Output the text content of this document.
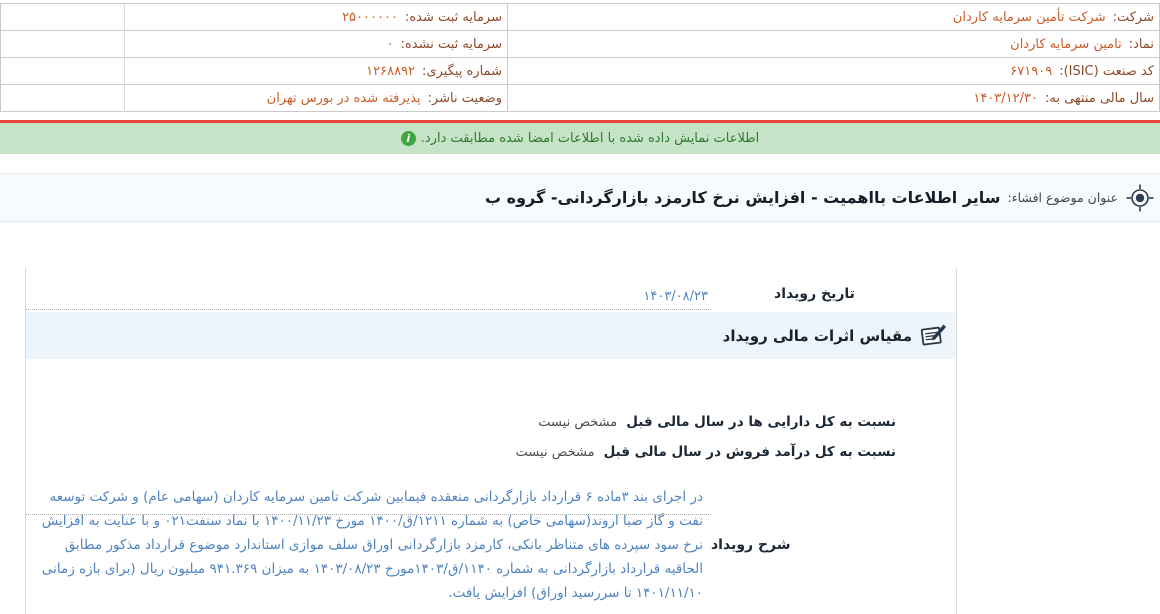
شرکت:
شرکت تأمین سرمایه کاردان
نماد:
تامین سرمایه کاردان
کد صنعت (ISIC):
۶۷۱۹۰۹
سال مالی منتهی به:
۱۴۰۳/۱۲/۳۰
سرمایه ثبت شده:
۲۵۰۰۰۰۰۰
سرمایه ثبت نشده:
۰
شماره پیگیری:
۱۲۶۸۸۹۲
وضعیت ناشر:
پذیرفته شده در بورس تهران
اطلاعات نمایش داده شده با اطلاعات امضا شده مطابقت دارد.
i
عنوان موضوع افشاء:
سایر اطلاعات بااهمیت - افزایش نرخ کارمزد بازارگردانی- گروه ب
تاریخ رویداد
۱۴۰۳/۰۸/۲۳
مقیاس اثرات مالی رویداد
نسبت به کل دارایی ها در سال مالی قبل
مشخص نیست
نسبت به کل درآمد فروش در سال مالی قبل
مشخص نیست
شرح رویداد
در اجرای بند ۳ماده ۶ قرارداد بازارگردانی منعقده فیمابین شرکت تامین سرمایه کاردان (سهامی عام) و شرکت توسعه نفت و گاز صبا اروند(سهامی خاص) به شماره ۱۲۱۱/ق/۱۴۰۰ مورخ ۱۴۰۰/۱۱/۲۳ با نماد سنفت۰۲۱ و با عنایت به افزایش نرخ سود سپرده های متناظر بانکی، کارمزد بازارگردانی اوراق سلف موازی استاندارد موضوع قرارداد مذکور مطابق الحاقیه قرارداد بازارگردانی به شماره ۱۱۴۰/ق/۱۴۰۳مورخ ۱۴۰۳/۰۸/۲۳ به میزان ۹۴۱.۳۶۹ میلیون ریال (برای بازه زمانی ۱۴۰۱/۱۱/۱۰ تا سررسید اوراق) افزایش یافت.
